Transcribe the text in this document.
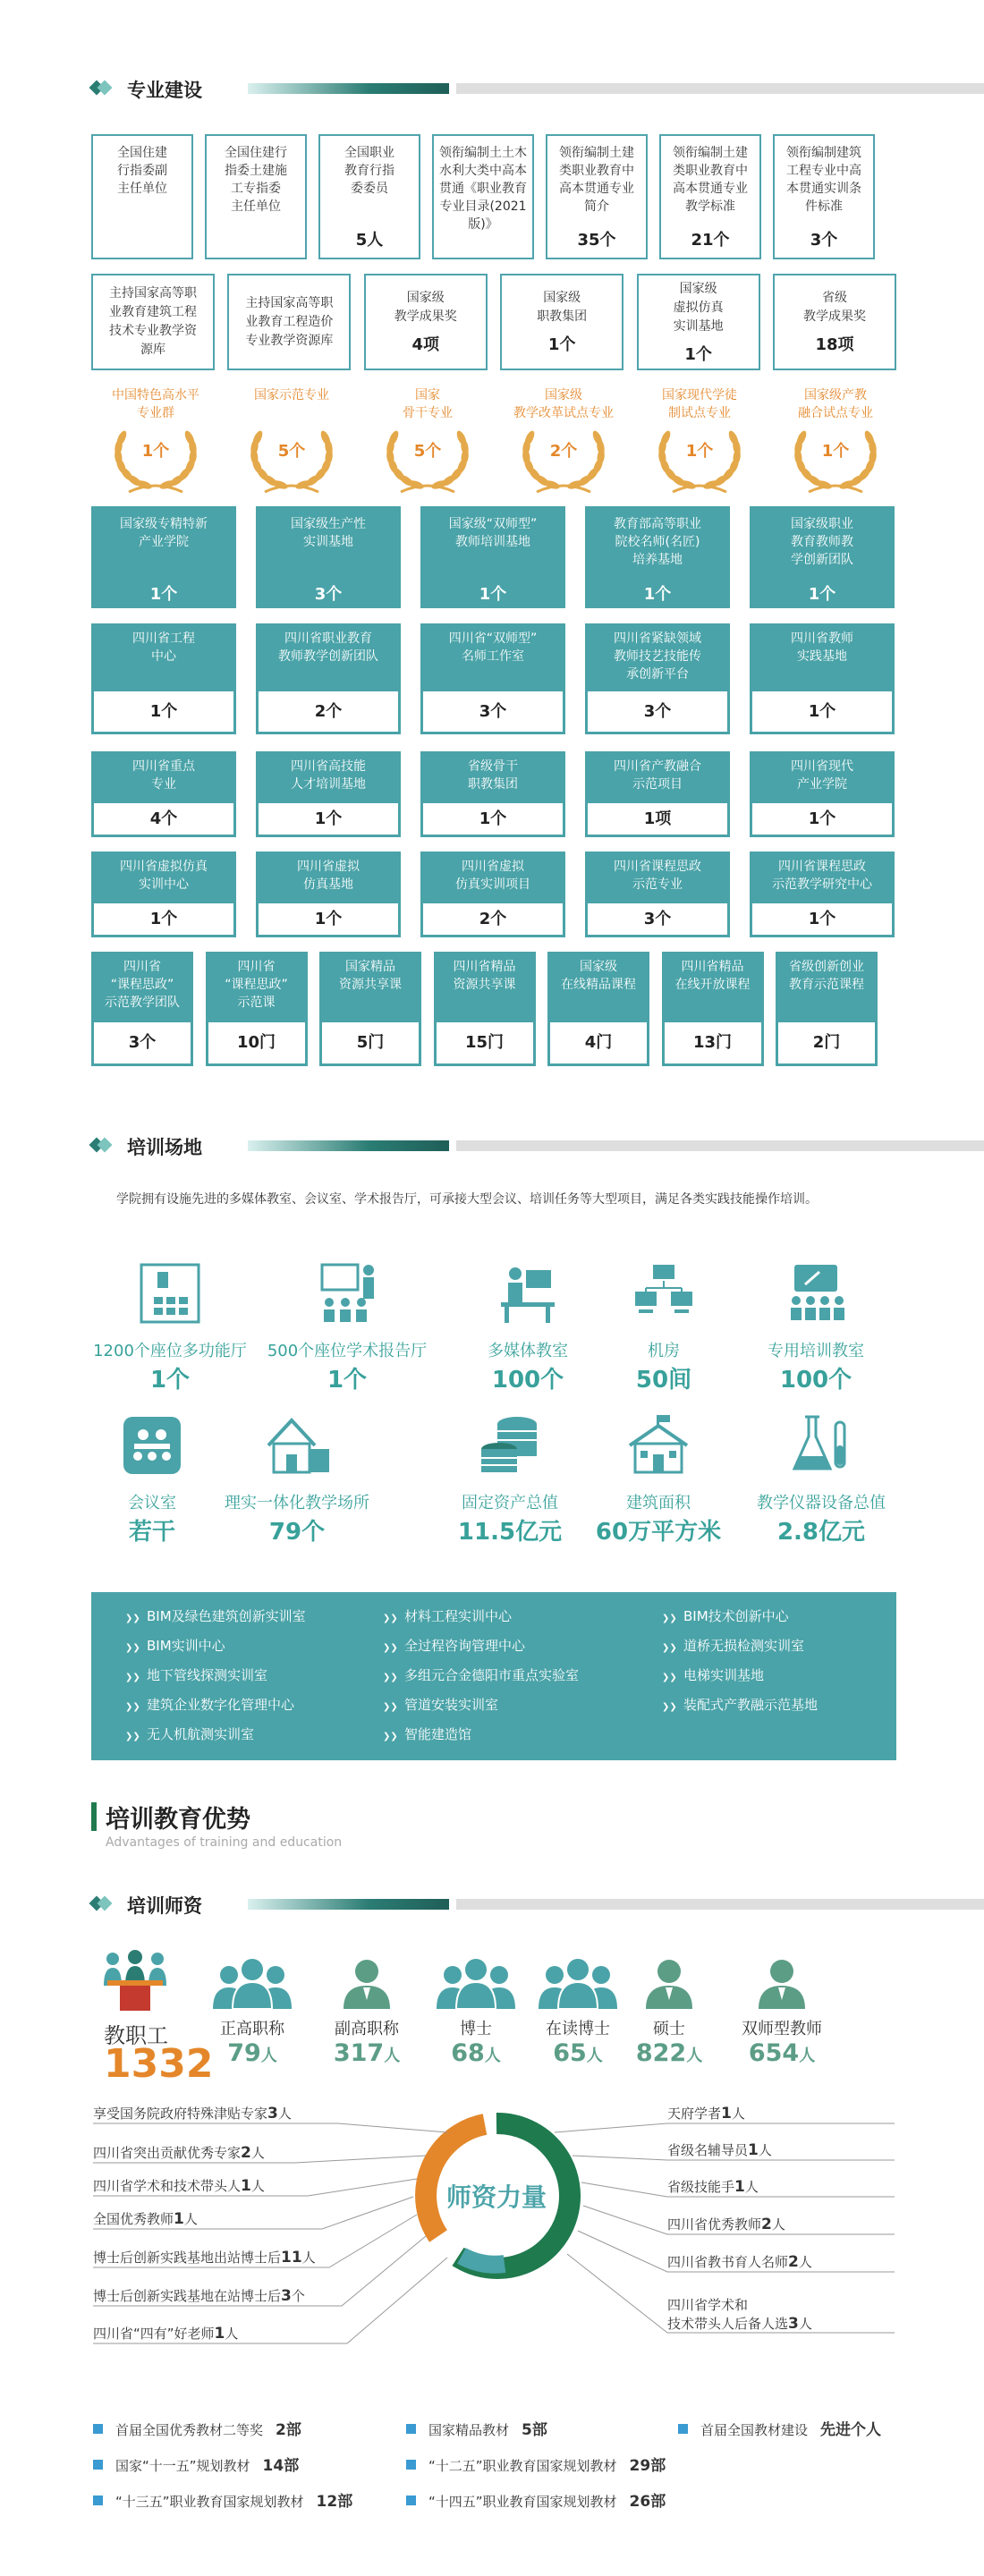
专业建设
全国住建
行指委副
主任单位
全国住建行
指委土建施
工专指委
主任单位
全国职业
教育行指
委委员
5人
领衔编制土土木
水利大类中高本
贯通《职业教育
专业目录(2021版)》
领衔编制土建
类职业教育中
高本贯通专业
简介
35个
领衔编制土建
类职业教育中
高本贯通专业
教学标准
21个
领衔编制建筑
工程专业中高
本贯通实训条
件标准
3个
主持国家高等职
业教育建筑工程
技术专业教学资
源库
主持国家高等职
业教育工程造价
专业教学资源库
国家级
教学成果奖
4项
国家级
职教集团
1个
国家级
虚拟仿真
实训基地
1个
省级
教学成果奖
18项
中国特色高水平
专业群
1个
国家示范专业
5个
国家
骨干专业
5个
国家级
教学改革试点专业
2个
国家现代学徒
制试点专业
1个
国家级产教
融合试点专业
1个
国家级专精特新
产业学院
1个
国家级生产性
实训基地
3个
国家级“双师型”
教师培训基地
1个
教育部高等职业
院校名师(名匠)
培养基地
1个
国家级职业
教育教师教
学创新团队
1个
四川省工程
中心
1个
四川省职业教育
教师教学创新团队
2个
四川省“双师型”
名师工作室
3个
四川省紧缺领域
教师技艺技能传
承创新平台
3个
四川省教师
实践基地
1个
四川省重点
专业
4个
四川省高技能
人才培训基地
1个
省级骨干
职教集团
1个
四川省产教融合
示范项目
1项
四川省现代
产业学院
1个
四川省虚拟仿真
实训中心
1个
四川省虚拟
仿真基地
1个
四川省虚拟
仿真实训项目
2个
四川省课程思政
示范专业
3个
四川省课程思政
示范教学研究中心
1个
四川省
“课程思政”
示范教学团队
3个
四川省
“课程思政”
示范课
10门
国家精品
资源共享课
5门
四川省精品
资源共享课
15门
国家级
在线精品课程
4门
四川省精品
在线开放课程
13门
省级创新创业
教育示范课程
2门
培训场地
学院拥有设施先进的多媒体教室、会议室、学术报告厅，可承接大型会议、培训任务等大型项目，满足各类实践技能操作培训。
1200个座位多功能厅
1个
500个座位学术报告厅
1个
多媒体教室
100个
机房
50间
专用培训教室
100个
会议室
若干
理实一体化教学场所
79个
固定资产总值
11.5亿元
建筑面积
60万平方米
教学仪器设备总值
2.8亿元
❯❯ BIM及绿色建筑创新实训室
❯❯ BIM实训中心
❯❯ 地下管线探测实训室
❯❯ 建筑企业数字化管理中心
❯❯ 无人机航测实训室
❯❯ 材料工程实训中心
❯❯ 全过程咨询管理中心
❯❯ 多组元合金德阳市重点实验室
❯❯ 管道安装实训室
❯❯ 智能建造馆
❯❯ BIM技术创新中心
❯❯ 道桥无损检测实训室
❯❯ 电梯实训基地
❯❯ 装配式产教融示范基地
培训教育优势
Advantages of training and education
培训师资
教职工
1332
正高职称
79人
副高职称
317人
博士
68人
在读博士
65人
硕士
822人
双师型教师
654人
师资力量
享受国务院政府特殊津贴专家3人
四川省突出贡献优秀专家2人
四川省学术和技术带头人1人
全国优秀教师1人
博士后创新实践基地出站博士后11人
博士后创新实践基地在站博士后3个
四川省“四有”好老师1人
天府学者1人
省级名辅导员1人
省级技能手1人
四川省优秀教师2人
四川省教书育人名师2人
四川省学术和
技术带头人后备人选3人
首届全国优秀教材二等奖 2部	国家精品教材 5部	首届全国教材建设 先进个人
国家“十一五”规划教材 14部	“十二五”职业教育国家规划教材 29部
“十三五”职业教育国家规划教材 12部	“十四五”职业教育国家规划教材 26部
